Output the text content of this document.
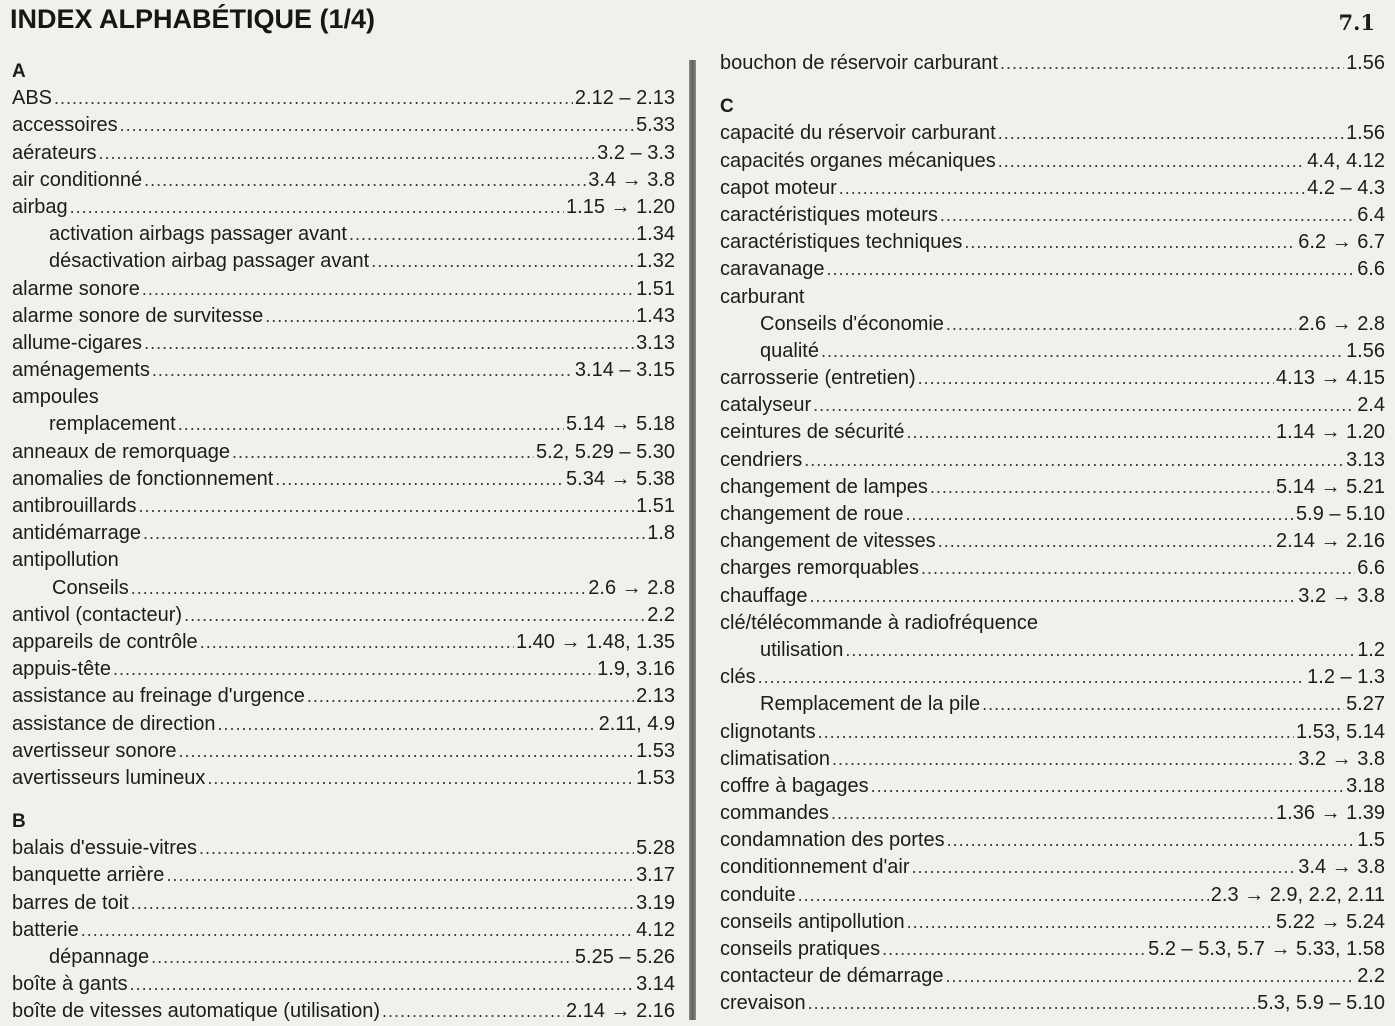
INDEX ALPHABÉTIQUE (1/4)	7.1
A
ABS .....	2.12 – 2.13
accessoires .....	5.33
aérateurs .....	3.2 – 3.3
air conditionné .....	3.4 → 3.8
airbag .....	1.15 → 1.20
activation airbags passager avant .....	1.34
désactivation airbag passager avant .....	1.32
alarme sonore .....	1.51
alarme sonore de survitesse .....	1.43
allume-cigares .....	3.13
aménagements .....	3.14 – 3.15
ampoules
remplacement .....	5.14 → 5.18
anneaux de remorquage .....	5.2, 5.29 – 5.30
anomalies de fonctionnement .....	5.34 → 5.38
antibrouillards .....	1.51
antidémarrage .....	1.8
antipollution
Conseils .....	2.6 → 2.8
antivol (contacteur) .....	2.2
appareils de contrôle .....	1.40 → 1.48, 1.35
appuis-tête .....	1.9, 3.16
assistance au freinage d'urgence .....	2.13
assistance de direction .....	2.11, 4.9
avertisseur sonore .....	1.53
avertisseurs lumineux .....	1.53
B
balais d'essuie-vitres .....	5.28
banquette arrière .....	3.17
barres de toit .....	3.19
batterie .....	4.12
dépannage .....	5.25 – 5.26
boîte à gants .....	3.14
boîte de vitesses automatique (utilisation) .....	2.14 → 2.16
bouchon de réservoir carburant .....	1.56
C
capacité du réservoir carburant .....	1.56
capacités organes mécaniques .....	4.4, 4.12
capot moteur .....	4.2 – 4.3
caractéristiques moteurs .....	6.4
caractéristiques techniques .....	6.2 → 6.7
caravanage .....	6.6
carburant
Conseils d'économie .....	2.6 → 2.8
qualité .....	1.56
carrosserie (entretien) .....	4.13 → 4.15
catalyseur .....	2.4
ceintures de sécurité .....	1.14 → 1.20
cendriers .....	3.13
changement de lampes .....	5.14 → 5.21
changement de roue .....	5.9 – 5.10
changement de vitesses .....	2.14 → 2.16
charges remorquables .....	6.6
chauffage .....	3.2 → 3.8
clé/télécommande à radiofréquence
utilisation .....	1.2
clés .....	1.2 – 1.3
Remplacement de la pile .....	5.27
clignotants .....	1.53, 5.14
climatisation .....	3.2 → 3.8
coffre à bagages .....	3.18
commandes .....	1.36 → 1.39
condamnation des portes .....	1.5
conditionnement d'air .....	3.4 → 3.8
conduite .....	2.3 → 2.9, 2.2, 2.11
conseils antipollution .....	5.22 → 5.24
conseils pratiques .....	5.2 – 5.3, 5.7 → 5.33, 1.58
contacteur de démarrage .....	2.2
crevaison .....	5.3, 5.9 – 5.10
